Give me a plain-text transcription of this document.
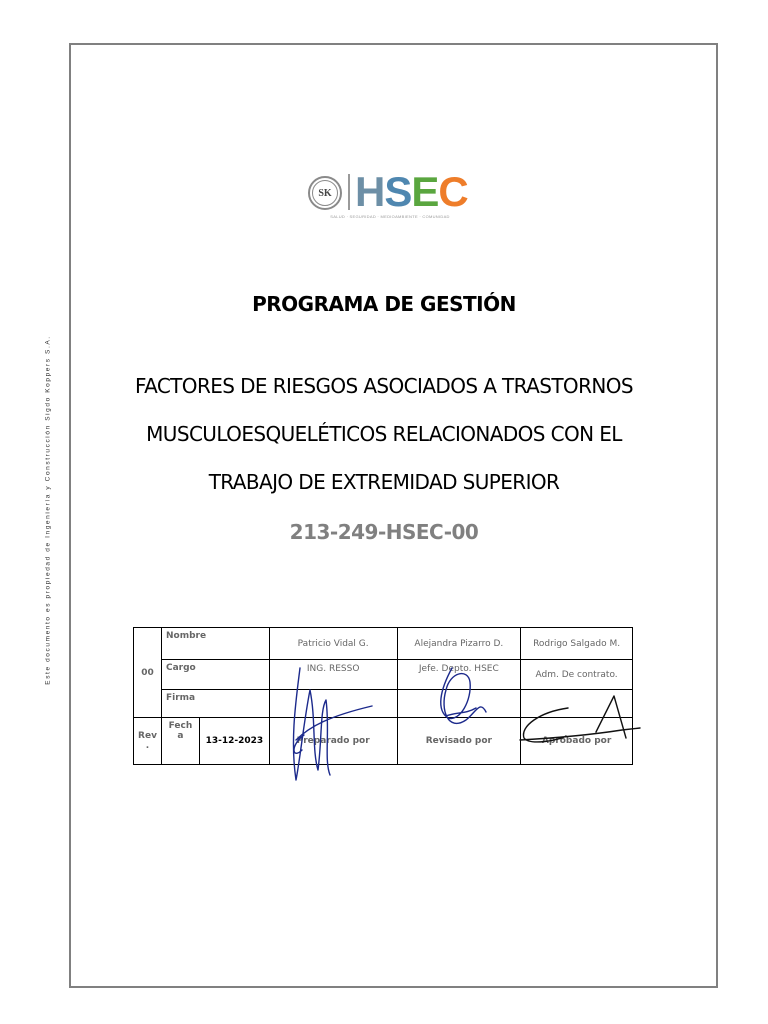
Este documento es propiedad de Ingeniería y Construcción Sigdo Koppers S.A.
SK HSEC
SALUD · SEGURIDAD · MEDIOAMBIENTE · COMUNIDAD
PROGRAMA DE GESTIÓN
FACTORES DE RIESGOS ASOCIADOS A TRASTORNOS
MUSCULOESQUELÉTICOS RELACIONADOS CON EL
TRABAJO DE EXTREMIDAD SUPERIOR
213-249-HSEC-00
00	Nombre		Patricio Vidal G.	Alejandra Pizarro D.	Rodrigo Salgado M.
	Cargo		ING. RESSO	Jefe. Depto. HSEC	Adm. De contrato.
	Firma				
Rev .	Fech a	13-12-2023	Preparado por	Revisado por	Aprobado por
